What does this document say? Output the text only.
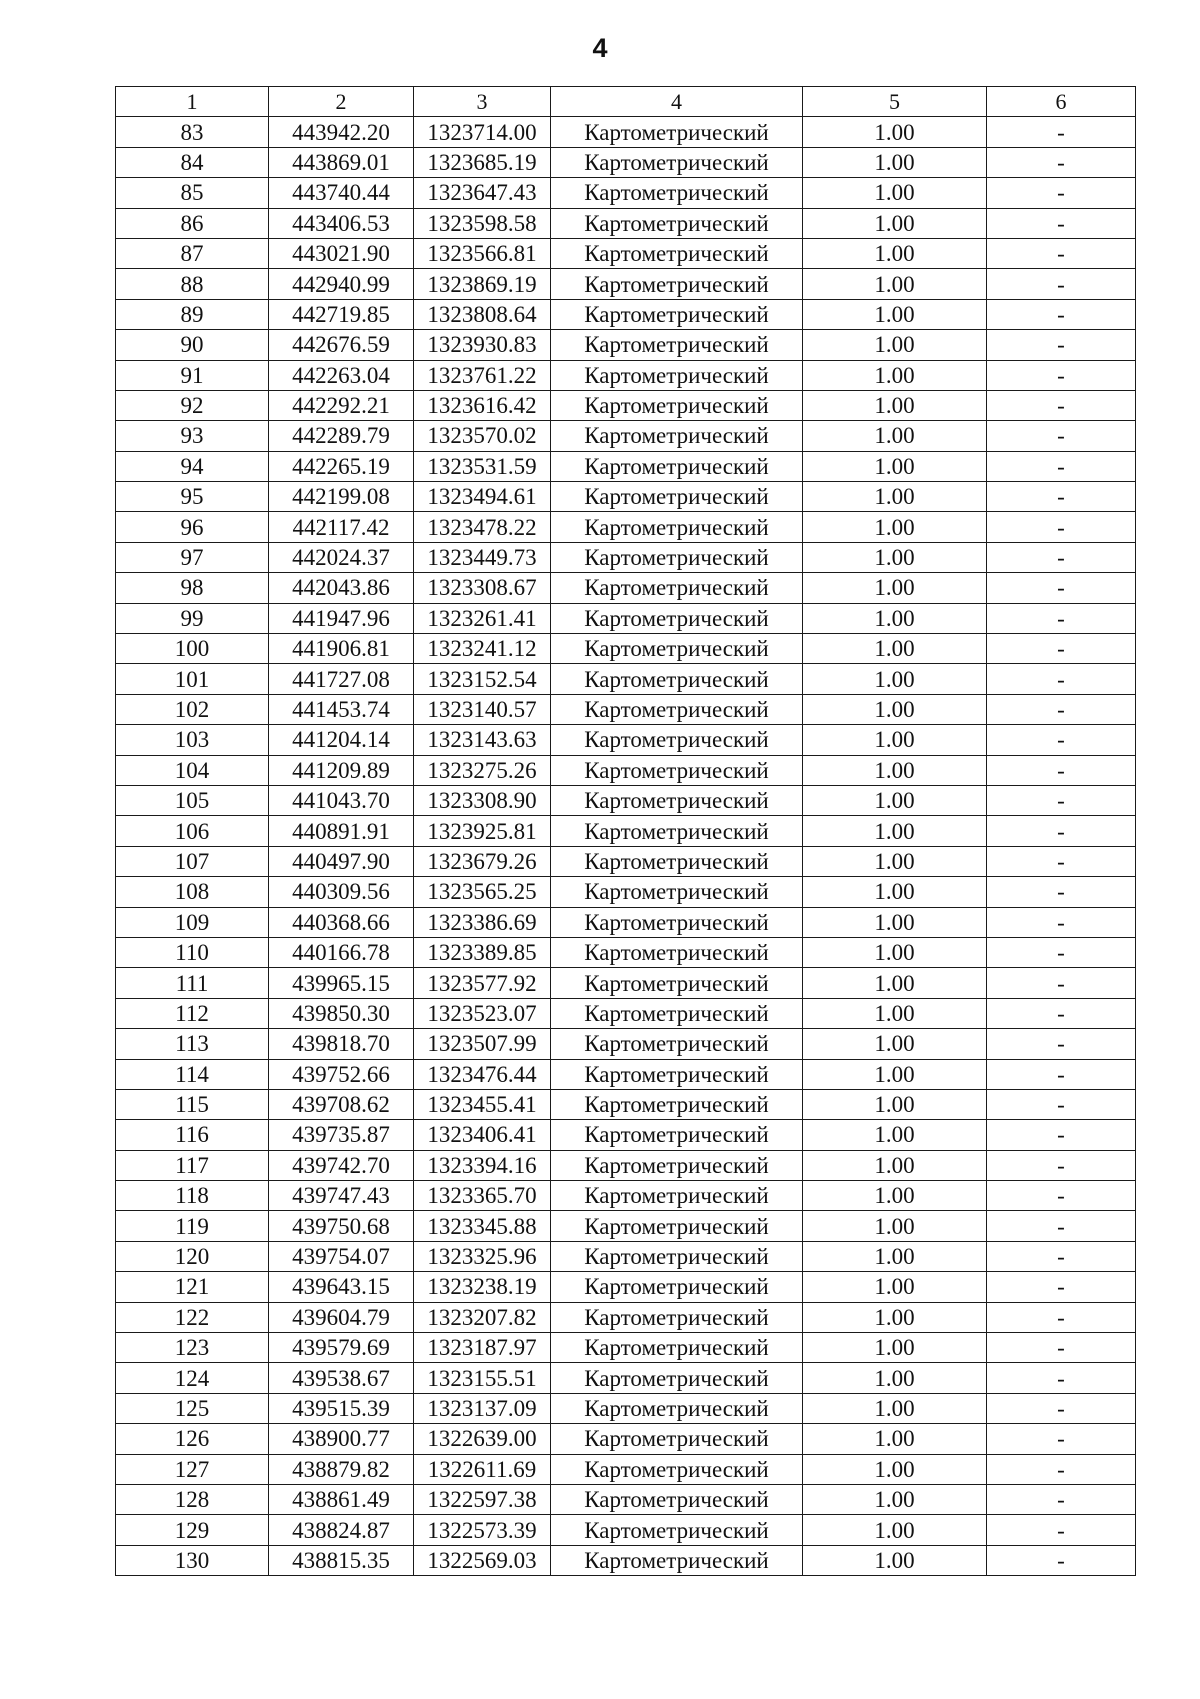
4
1	2	3	4	5	6
83	443942.20	1323714.00	Картометрический	1.00	-
84	443869.01	1323685.19	Картометрический	1.00	-
85	443740.44	1323647.43	Картометрический	1.00	-
86	443406.53	1323598.58	Картометрический	1.00	-
87	443021.90	1323566.81	Картометрический	1.00	-
88	442940.99	1323869.19	Картометрический	1.00	-
89	442719.85	1323808.64	Картометрический	1.00	-
90	442676.59	1323930.83	Картометрический	1.00	-
91	442263.04	1323761.22	Картометрический	1.00	-
92	442292.21	1323616.42	Картометрический	1.00	-
93	442289.79	1323570.02	Картометрический	1.00	-
94	442265.19	1323531.59	Картометрический	1.00	-
95	442199.08	1323494.61	Картометрический	1.00	-
96	442117.42	1323478.22	Картометрический	1.00	-
97	442024.37	1323449.73	Картометрический	1.00	-
98	442043.86	1323308.67	Картометрический	1.00	-
99	441947.96	1323261.41	Картометрический	1.00	-
100	441906.81	1323241.12	Картометрический	1.00	-
101	441727.08	1323152.54	Картометрический	1.00	-
102	441453.74	1323140.57	Картометрический	1.00	-
103	441204.14	1323143.63	Картометрический	1.00	-
104	441209.89	1323275.26	Картометрический	1.00	-
105	441043.70	1323308.90	Картометрический	1.00	-
106	440891.91	1323925.81	Картометрический	1.00	-
107	440497.90	1323679.26	Картометрический	1.00	-
108	440309.56	1323565.25	Картометрический	1.00	-
109	440368.66	1323386.69	Картометрический	1.00	-
110	440166.78	1323389.85	Картометрический	1.00	-
111	439965.15	1323577.92	Картометрический	1.00	-
112	439850.30	1323523.07	Картометрический	1.00	-
113	439818.70	1323507.99	Картометрический	1.00	-
114	439752.66	1323476.44	Картометрический	1.00	-
115	439708.62	1323455.41	Картометрический	1.00	-
116	439735.87	1323406.41	Картометрический	1.00	-
117	439742.70	1323394.16	Картометрический	1.00	-
118	439747.43	1323365.70	Картометрический	1.00	-
119	439750.68	1323345.88	Картометрический	1.00	-
120	439754.07	1323325.96	Картометрический	1.00	-
121	439643.15	1323238.19	Картометрический	1.00	-
122	439604.79	1323207.82	Картометрический	1.00	-
123	439579.69	1323187.97	Картометрический	1.00	-
124	439538.67	1323155.51	Картометрический	1.00	-
125	439515.39	1323137.09	Картометрический	1.00	-
126	438900.77	1322639.00	Картометрический	1.00	-
127	438879.82	1322611.69	Картометрический	1.00	-
128	438861.49	1322597.38	Картометрический	1.00	-
129	438824.87	1322573.39	Картометрический	1.00	-
130	438815.35	1322569.03	Картометрический	1.00	-
